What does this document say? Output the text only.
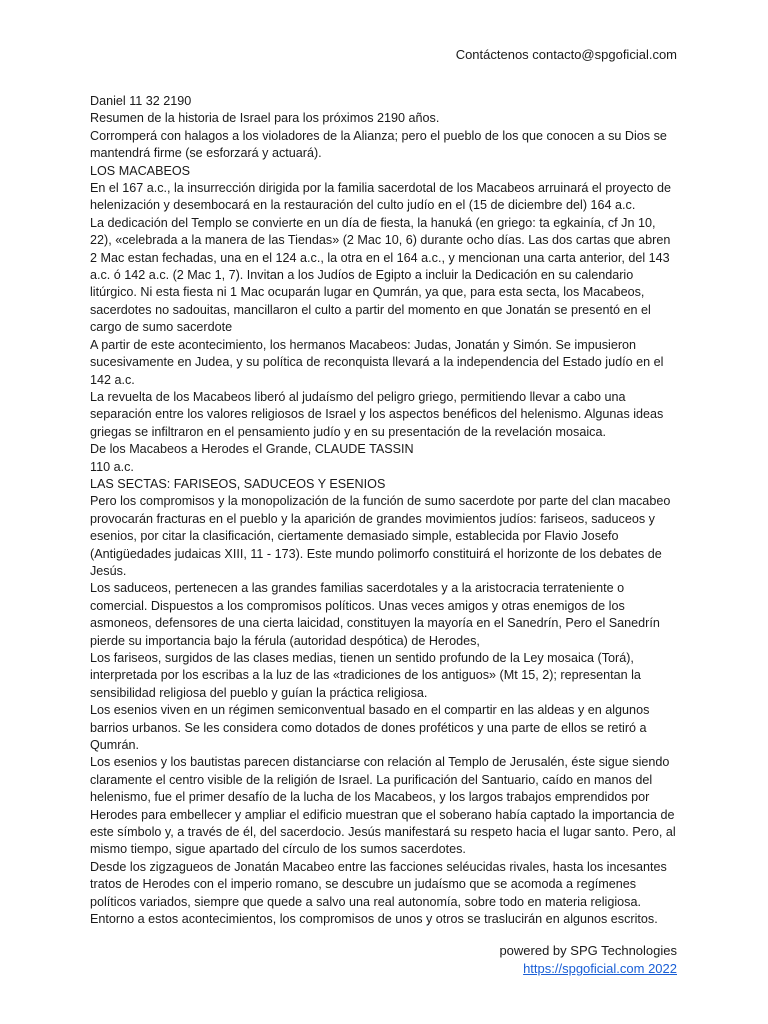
Contáctenos contacto@spgoficial.com

Daniel 11 32 2190

Resumen de la historia de Israel para los próximos 2190 años.

Corromperá con halagos a los violadores de la Alianza; pero el pueblo de los que conocen a su Dios se mantendrá firme (se esforzará y actuará).

LOS MACABEOS

En el 167 a.c., la insurrección dirigida por la familia sacerdotal de los Macabeos arruinará el proyecto de helenización y desembocará en la restauración del culto judío en el (15 de diciembre del) 164 a.c.

La dedicación del Templo se convierte en un día de fiesta, la hanuká (en griego: ta egkainía, cf Jn 10, 22), «celebrada a la manera de las Tiendas» (2 Mac 10, 6) durante ocho días. Las dos cartas que abren 2 Mac estan fechadas, una en el 124 a.c., la otra en el 164 a.c., y mencionan una carta anterior, del 143 a.c. ó 142 a.c. (2 Mac 1, 7). Invitan a los Judíos de Egipto a incluir la Dedicación en su calendario litúrgico. Ni esta fiesta ni 1 Mac ocuparán lugar en Qumrán, ya que, para esta secta, los Macabeos, sacerdotes no sadouitas, mancillaron el culto a partir del momento en que Jonatán se presentó en el cargo de sumo sacerdote

A partir de este acontecimiento, los hermanos Macabeos: Judas, Jonatán y Simón. Se impusieron sucesivamente en Judea, y su política de reconquista llevará a la independencia del Estado judío en el 142 a.c.

La revuelta de los Macabeos liberó al judaísmo del peligro griego, permitiendo llevar a cabo una separación entre los valores religiosos de Israel y los aspectos benéficos del helenismo. Algunas ideas griegas se infiltraron en el pensamiento judío y en su presentación de la revelación mosaica.

De los Macabeos a Herodes el Grande, CLAUDE TASSIN

110 a.c.

LAS SECTAS: FARISEOS, SADUCEOS Y ESENIOS

Pero los compromisos y la monopolización de la función de sumo sacerdote por parte del clan macabeo provocarán fracturas en el pueblo y la aparición de grandes movimientos judíos: fariseos, saduceos y esenios, por citar la clasificación, ciertamente demasiado simple, establecida por Flavio Josefo (Antigüedades judaicas XIII, 11 - 173). Este mundo polimorfo constituirá el horizonte de los debates de Jesús.

Los saduceos, pertenecen a las grandes familias sacerdotales y a la aristocracia terrateniente o comercial. Dispuestos a los compromisos políticos. Unas veces amigos y otras enemigos de los asmoneos, defensores de una cierta laicidad, constituyen la mayoría en el Sanedrín, Pero el Sanedrín pierde su importancia bajo la férula (autoridad despótica) de Herodes,

Los fariseos, surgidos de las clases medias, tienen un sentido profundo de la Ley mosaica (Torá), interpretada por los escribas a la luz de las «tradiciones de los antiguos» (Mt 15, 2); representan la sensibilidad religiosa del pueblo y guían la práctica religiosa.

Los esenios viven en un régimen semiconventual basado en el compartir en las aldeas y en algunos barrios urbanos. Se les considera como dotados de dones proféticos y una parte de ellos se retiró a Qumrán.

Los esenios y los bautistas parecen distanciarse con relación al Templo de Jerusalén, éste sigue siendo claramente el centro visible de la religión de Israel. La purificación del Santuario, caído en manos del helenismo, fue el primer desafío de la lucha de los Macabeos, y los largos trabajos emprendidos por Herodes para embellecer y ampliar el edificio muestran que el soberano había captado la importancia de este símbolo y, a través de él, del sacerdocio. Jesús manifestará su respeto hacia el lugar santo. Pero, al mismo tiempo, sigue apartado del círculo de los sumos sacerdotes.

Desde los zigzagueos de Jonatán Macabeo entre las facciones seléucidas rivales, hasta los incesantes tratos de Herodes con el imperio romano, se descubre un judaísmo que se acomoda a regímenes políticos variados, siempre que quede a salvo una real autonomía, sobre todo en materia religiosa.

Entorno a estos acontecimientos, los compromisos de unos y otros se traslucirán en algunos escritos.

powered by SPG Technologies
https://spgoficial.com 2022
